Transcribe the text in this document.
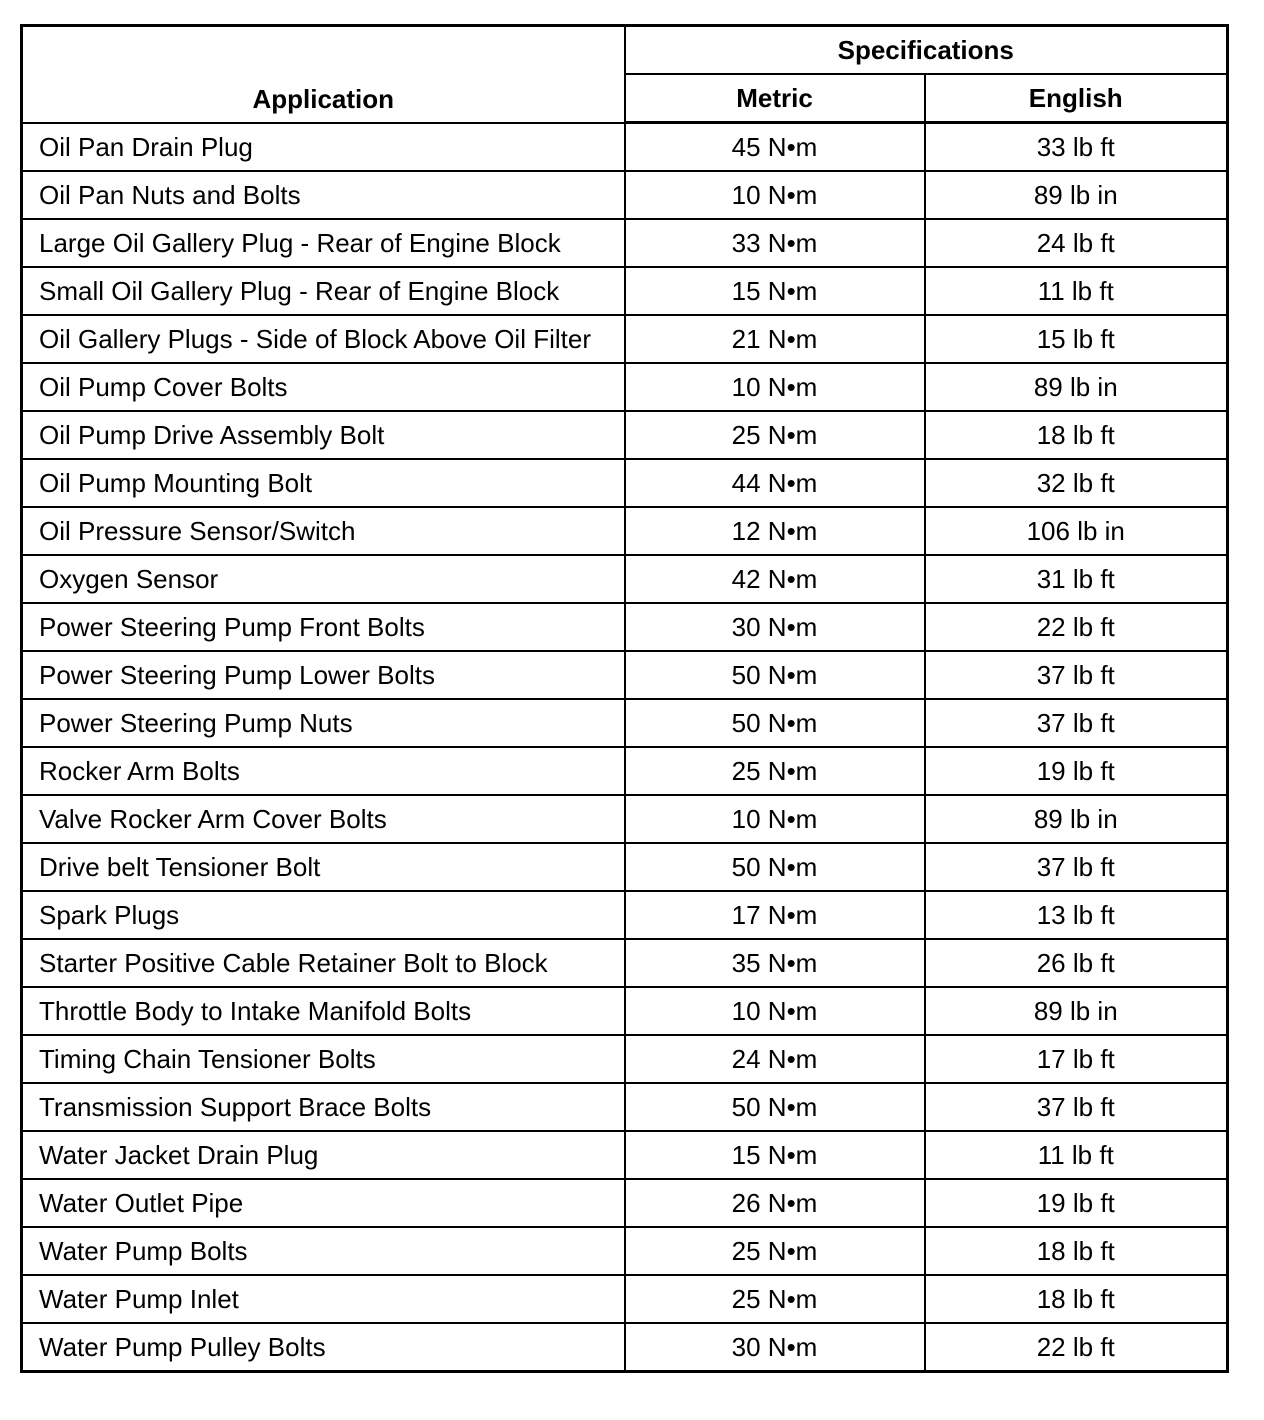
Application	Specifications	
	Metric	English
Oil Pan Drain Plug	45 N•m	33 lb ft
Oil Pan Nuts and Bolts	10 N•m	89 lb in
Large Oil Gallery Plug - Rear of Engine Block	33 N•m	24 lb ft
Small Oil Gallery Plug - Rear of Engine Block	15 N•m	11 lb ft
Oil Gallery Plugs - Side of Block Above Oil Filter	21 N•m	15 lb ft
Oil Pump Cover Bolts	10 N•m	89 lb in
Oil Pump Drive Assembly Bolt	25 N•m	18 lb ft
Oil Pump Mounting Bolt	44 N•m	32 lb ft
Oil Pressure Sensor/Switch	12 N•m	106 lb in
Oxygen Sensor	42 N•m	31 lb ft
Power Steering Pump Front Bolts	30 N•m	22 lb ft
Power Steering Pump Lower Bolts	50 N•m	37 lb ft
Power Steering Pump Nuts	50 N•m	37 lb ft
Rocker Arm Bolts	25 N•m	19 lb ft
Valve Rocker Arm Cover Bolts	10 N•m	89 lb in
Drive belt Tensioner Bolt	50 N•m	37 lb ft
Spark Plugs	17 N•m	13 lb ft
Starter Positive Cable Retainer Bolt to Block	35 N•m	26 lb ft
Throttle Body to Intake Manifold Bolts	10 N•m	89 lb in
Timing Chain Tensioner Bolts	24 N•m	17 lb ft
Transmission Support Brace Bolts	50 N•m	37 lb ft
Water Jacket Drain Plug	15 N•m	11 lb ft
Water Outlet Pipe	26 N•m	19 lb ft
Water Pump Bolts	25 N•m	18 lb ft
Water Pump Inlet	25 N•m	18 lb ft
Water Pump Pulley Bolts	30 N•m	22 lb ft
